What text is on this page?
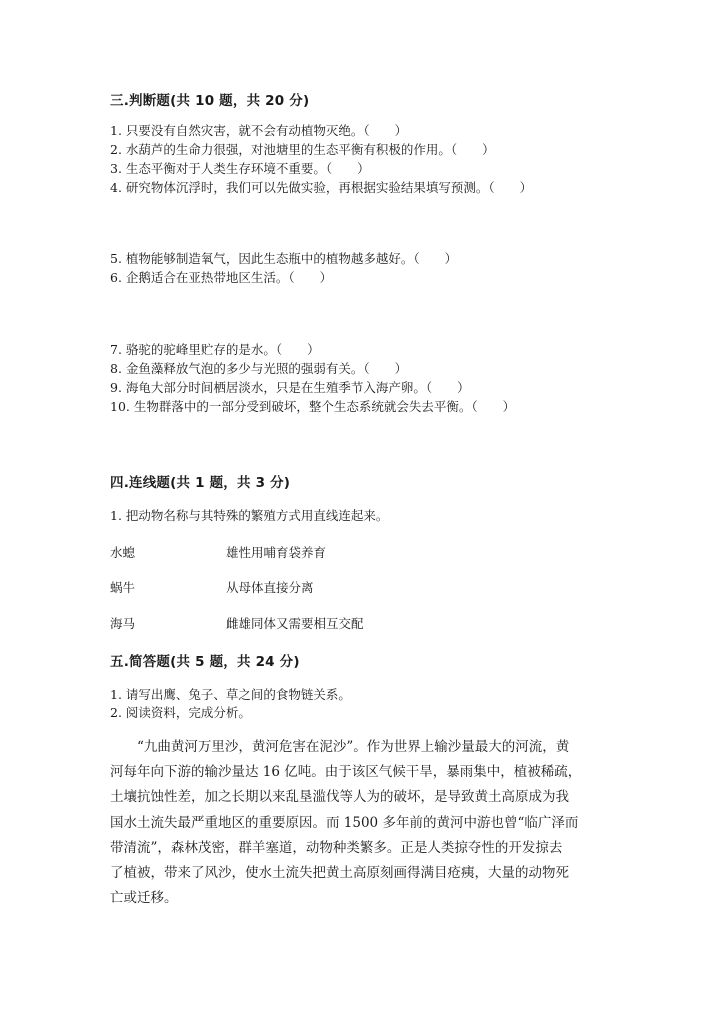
三.判断题(共 10 题，共 20 分)
1. 只要没有自然灾害，就不会有动植物灭绝。（　　）
2. 水葫芦的生命力很强，对池塘里的生态平衡有积极的作用。（　　）
3. 生态平衡对于人类生存环境不重要。（　　）
4. 研究物体沉浮时，我们可以先做实验，再根据实验结果填写预测。（　　）
5. 植物能够制造氧气，因此生态瓶中的植物越多越好。（　　）
6. 企鹅适合在亚热带地区生活。（　　）
7. 骆驼的驼峰里贮存的是水。（　　）
8. 金鱼藻释放气泡的多少与光照的强弱有关。（　　）
9. 海龟大部分时间栖居淡水，只是在生殖季节入海产卵。（　　）
10. 生物群落中的一部分受到破坏，整个生态系统就会失去平衡。（　　）
四.连线题(共 1 题，共 3 分)
1. 把动物名称与其特殊的繁殖方式用直线连起来。
水螅	雄性用哺育袋养育
蜗牛	从母体直接分离
海马	雌雄同体又需要相互交配
五.简答题(共 5 题，共 24 分)
1. 请写出鹰、兔子、草之间的食物链关系。
2. 阅读资料，完成分析。
“九曲黄河万里沙，黄河危害在泥沙”。作为世界上输沙量最大的河流，黄
河每年向下游的输沙量达 16 亿吨。由于该区气候干旱，暴雨集中，植被稀疏，
土壤抗蚀性差，加之长期以来乱垦滥伐等人为的破坏，是导致黄土高原成为我
国水土流失最严重地区的重要原因。而 1500 多年前的黄河中游也曾“临广泽而
带清流”，森林茂密，群羊塞道，动物种类繁多。正是人类掠夺性的开发掠去
了植被，带来了风沙，使水土流失把黄土高原刻画得满目疮痍，大量的动物死
亡或迁移。
